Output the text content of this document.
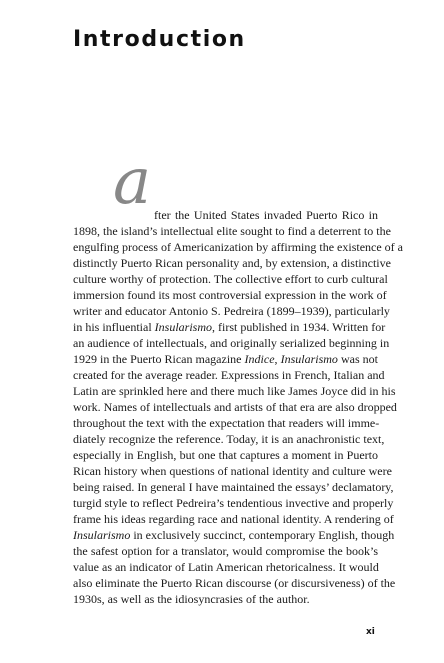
Introduction
a fter the United States invaded Puerto Rico in
1898, the island’s intellectual elite sought to find a deterrent to the
engulfing process of Americanization by affirming the existence of a
distinctly Puerto Rican personality and, by extension, a distinctive
culture worthy of protection. The collective effort to curb cultural
immersion found its most controversial expression in the work of
writer and educator Antonio S. Pedreira (1899–1939), particularly
in his influential Insularismo, first published in 1934. Written for
an audience of intellectuals, and originally serialized beginning in
1929 in the Puerto Rican magazine Indice, Insularismo was not
created for the average reader. Expressions in French, Italian and
Latin are sprinkled here and there much like James Joyce did in his
work. Names of intellectuals and artists of that era are also dropped
throughout the text with the expectation that readers will imme-
diately recognize the reference. Today, it is an anachronistic text,
especially in English, but one that captures a moment in Puerto
Rican history when questions of national identity and culture were
being raised. In general I have maintained the essays’ declamatory,
turgid style to reflect Pedreira’s tendentious invective and properly
frame his ideas regarding race and national identity. A rendering of
Insularismo in exclusively succinct, contemporary English, though
the safest option for a translator, would compromise the book’s
value as an indicator of Latin American rhetoricalness. It would
also eliminate the Puerto Rican discourse (or discursiveness) of the
1930s, as well as the idiosyncrasies of the author.
xi
